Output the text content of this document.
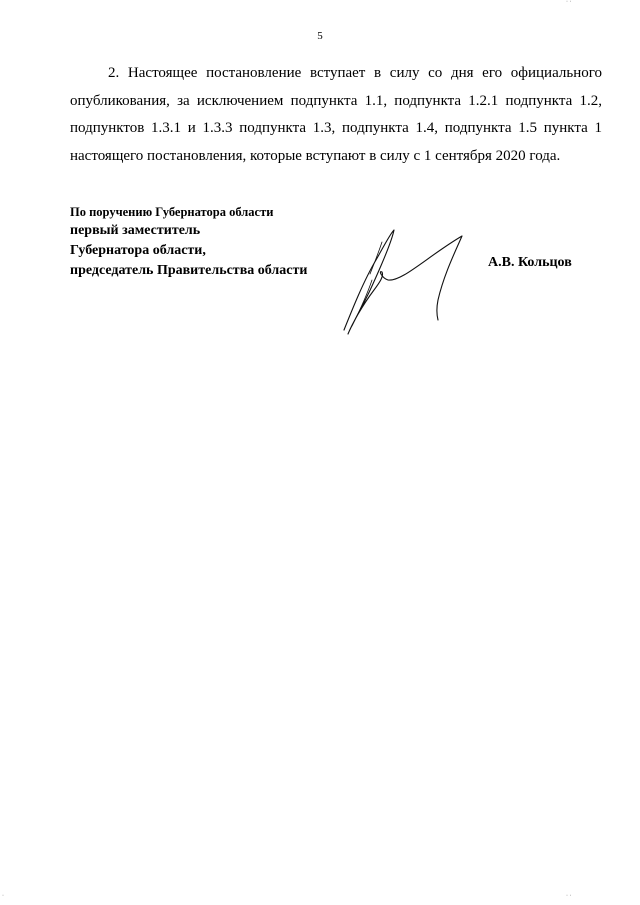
5

2. Настоящее постановление вступает в силу со дня его официального опубликования, за исключением подпункта 1.1, подпункта 1.2.1 подпункта 1.2, подпунктов 1.3.1 и 1.3.3 подпункта 1.3, подпункта 1.4, подпункта 1.5 пункта 1 настоящего постановления, которые вступают в силу с 1 сентября 2020 года.

По поручению Губернатора области
первый заместитель
Губернатора области,
председатель Правительства области
А.В. Кольцов
· ·
· ·
·
